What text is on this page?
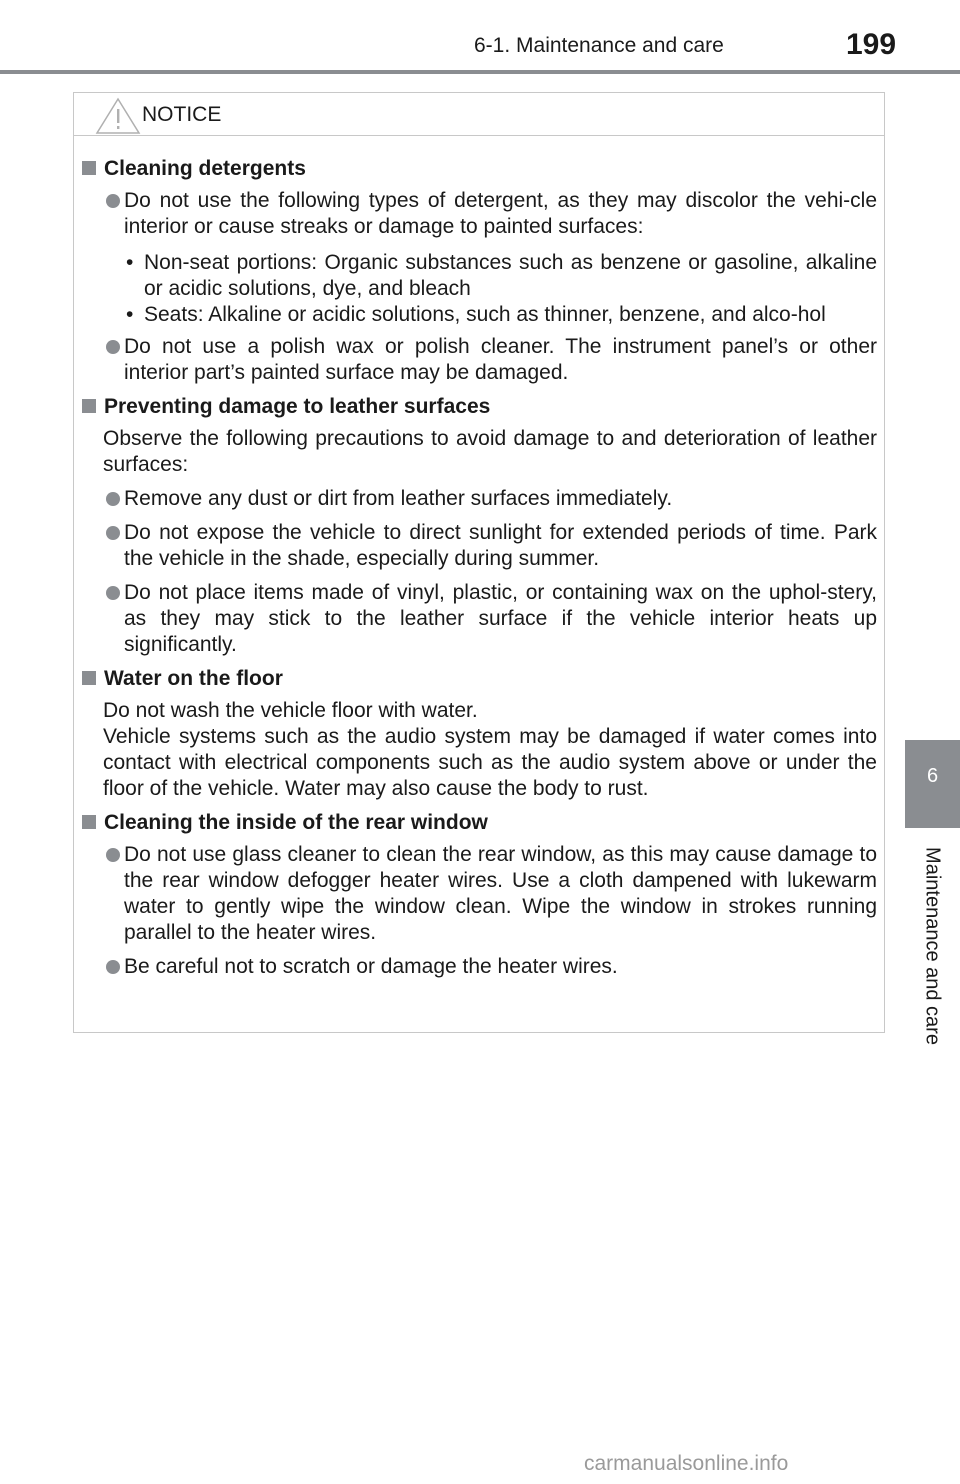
6-1. Maintenance and care	199
6
Maintenance and care
NOTICE
Cleaning detergents
Do not use the following types of detergent, as they may discolor the vehi-cle interior or cause streaks or damage to painted surfaces:
• Non-seat portions: Organic substances such as benzene or gasoline, alkaline or acidic solutions, dye, and bleach
• Seats: Alkaline or acidic solutions, such as thinner, benzene, and alco-hol
Do not use a polish wax or polish cleaner. The instrument panel’s or other interior part’s painted surface may be damaged.
Preventing damage to leather surfaces
Observe the following precautions to avoid damage to and deterioration of leather surfaces:
Remove any dust or dirt from leather surfaces immediately.
Do not expose the vehicle to direct sunlight for extended periods of time. Park the vehicle in the shade, especially during summer.
Do not place items made of vinyl, plastic, or containing wax on the uphol-stery, as they may stick to the leather surface if the vehicle interior heats up significantly.
Water on the floor
Do not wash the vehicle floor with water.
Vehicle systems such as the audio system may be damaged if water comes into contact with electrical components such as the audio system above or under the floor of the vehicle. Water may also cause the body to rust.
Cleaning the inside of the rear window
Do not use glass cleaner to clean the rear window, as this may cause damage to the rear window defogger heater wires. Use a cloth dampened with lukewarm water to gently wipe the window clean. Wipe the window in strokes running parallel to the heater wires.
Be careful not to scratch or damage the heater wires.
carmanualsonline.info
